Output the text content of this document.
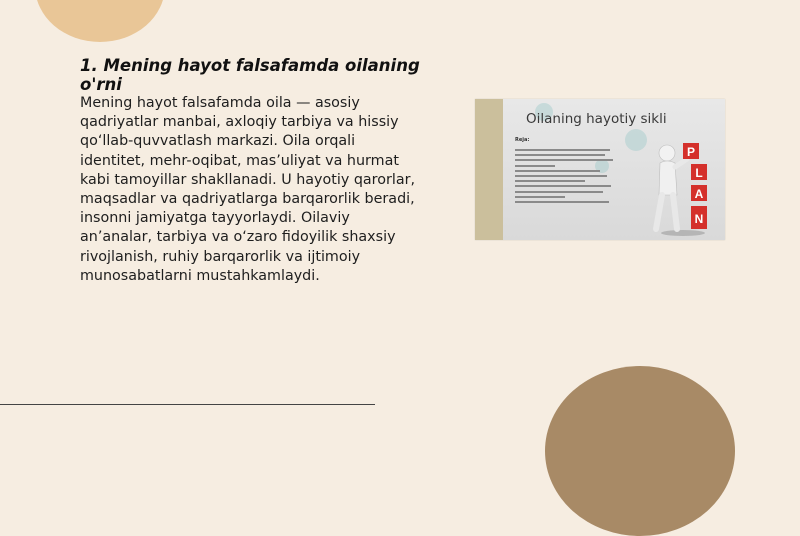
1. Mening hayot falsafamda oilaning o'rni
Mening hayot falsafamda oila — asosiy qadriyatlar manbai, axloqiy tarbiya va hissiy qo‘llab-quvvatlash markazi. Oila orqali identitet, mehr-oqibat, mas’uliyat va hurmat kabi tamoyillar shakllanadi. U hayotiy qarorlar, maqsadlar va qadriyatlarga barqarorlik beradi, insonni jamiyatga tayyorlaydi. Oilaviy an’analar, tarbiya va o‘zaro fidoyilik shaxsiy rivojlanish, ruhiy barqarorlik va ijtimoiy munosabatlarni mustahkamlaydi.
Oilaning hayotiy sikli
Reja:
P
L
A
N
